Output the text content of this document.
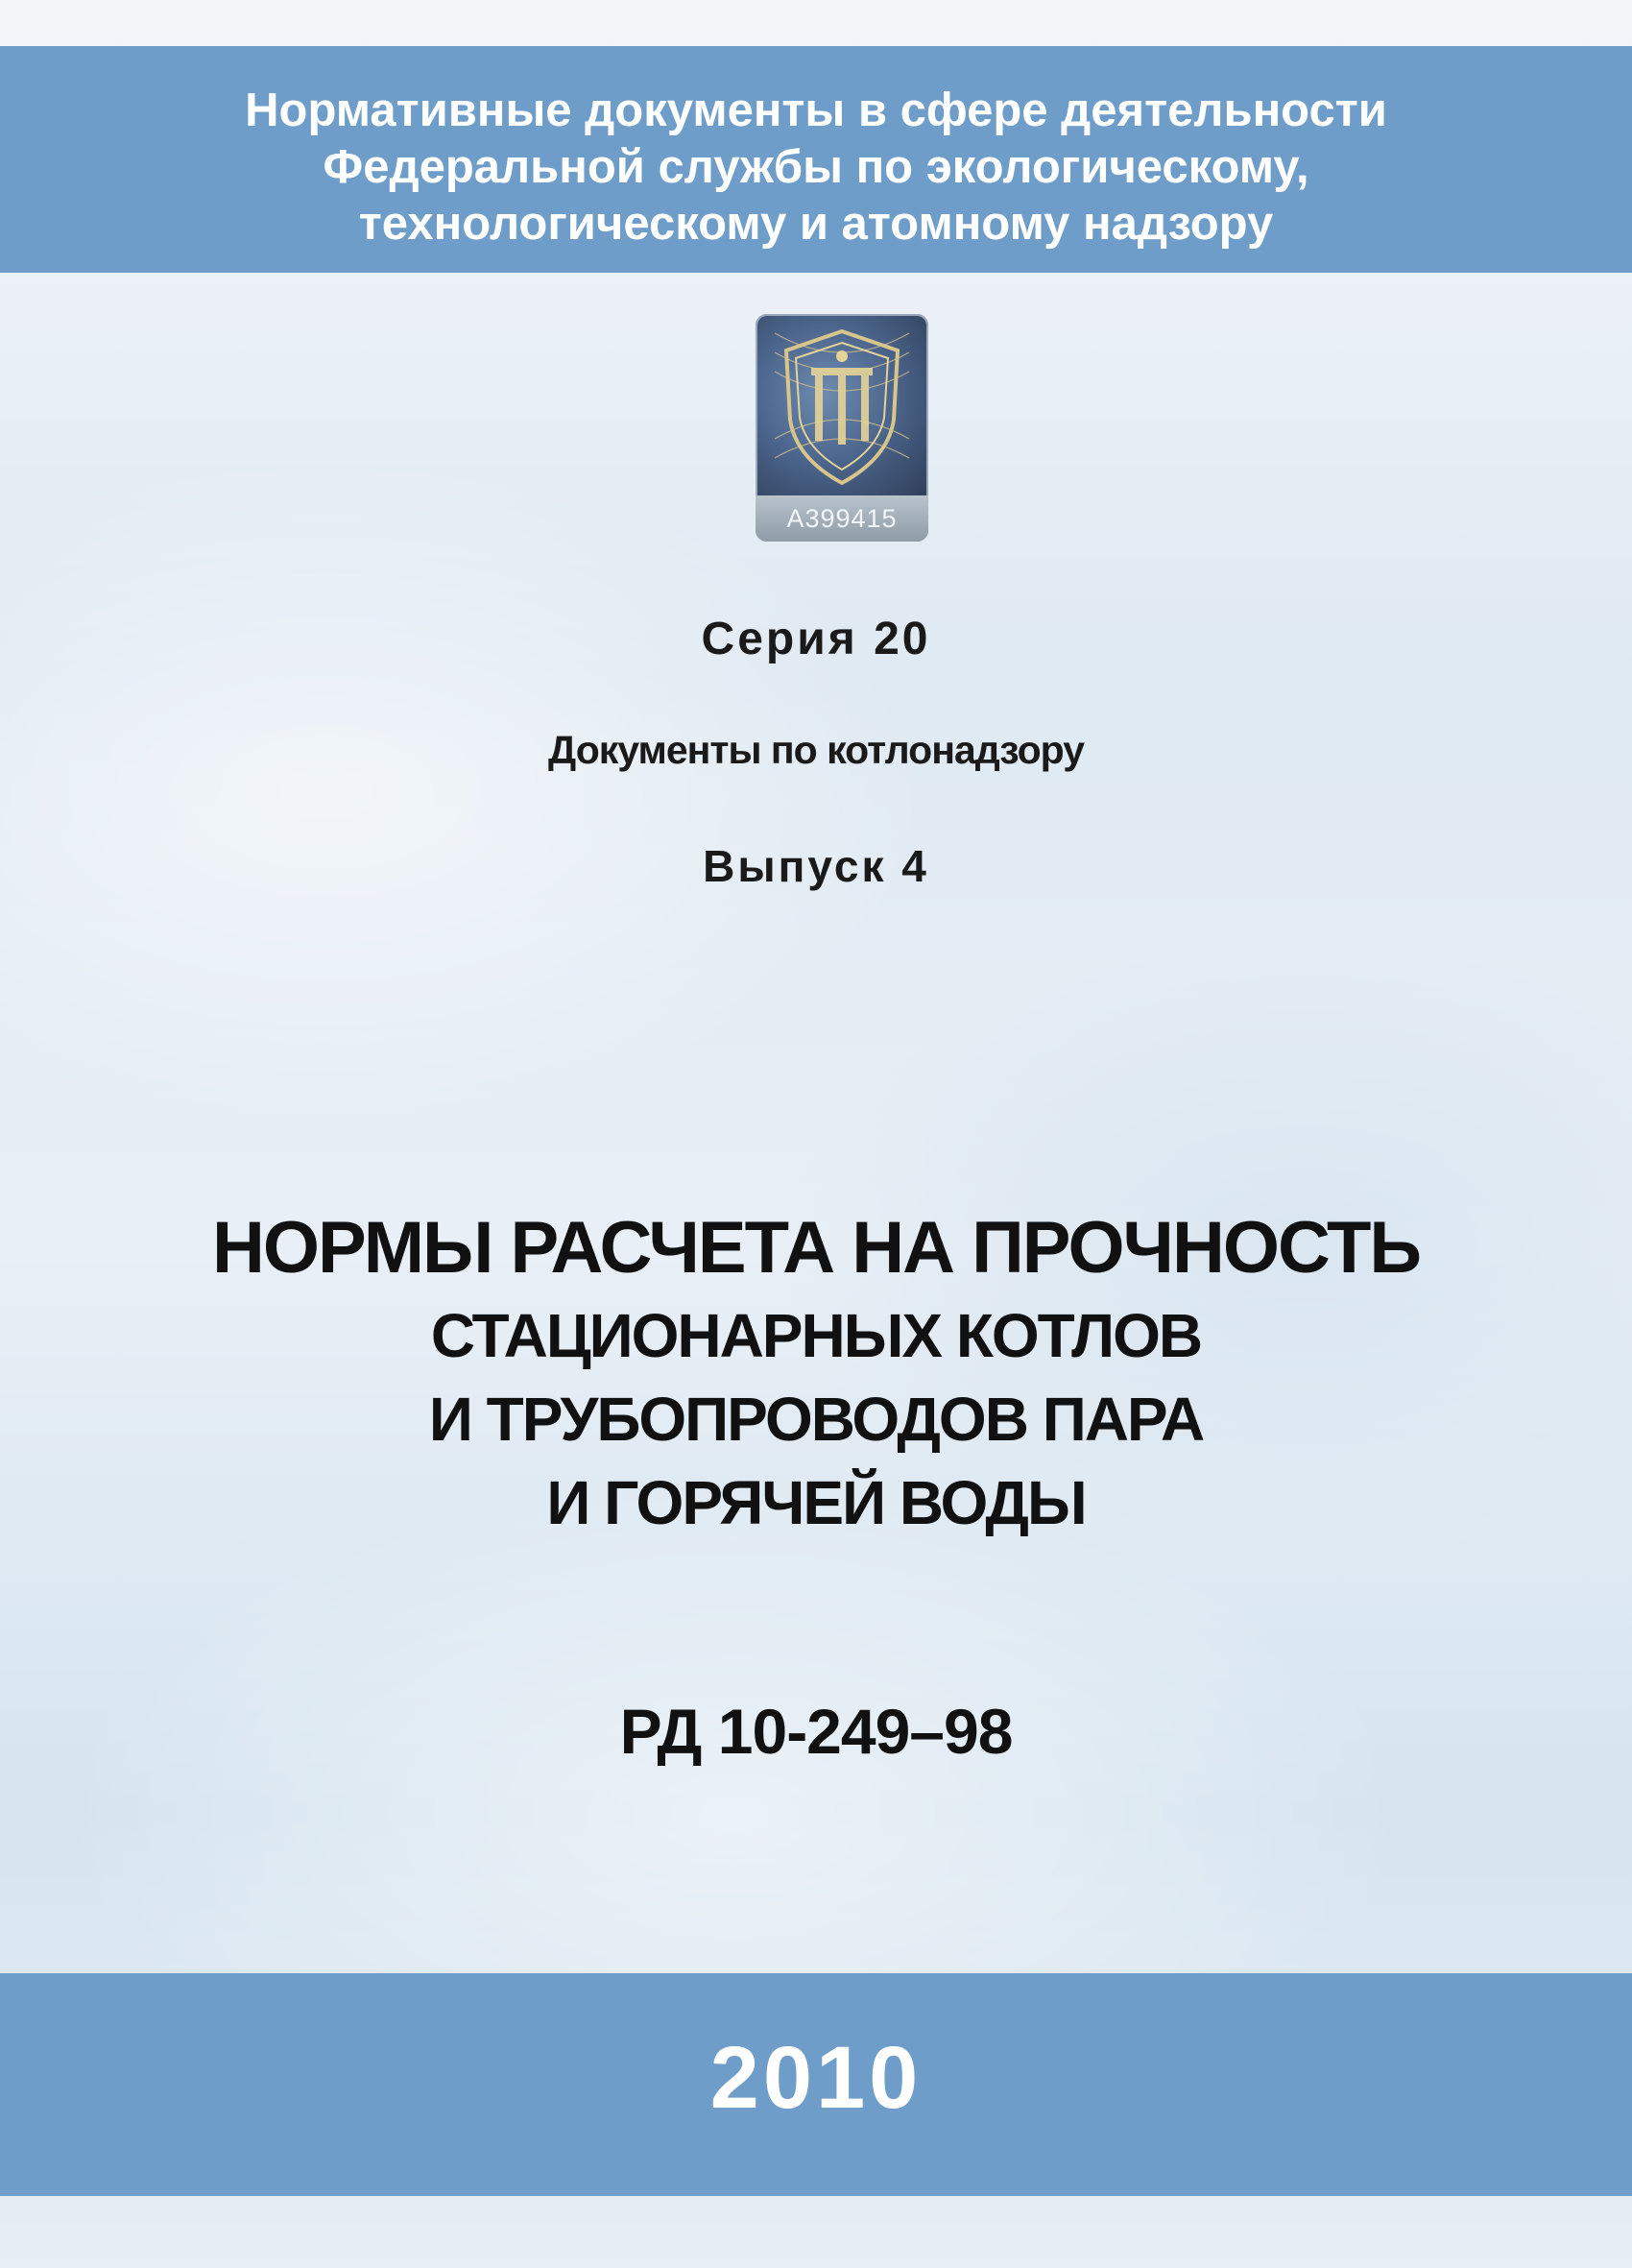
Нормативные документы в сфере деятельности
Федеральной службы по экологическому,
технологическому и атомному надзору
А399415
Серия 20
Документы по котлонадзору
Выпуск 4
НОРМЫ РАСЧЕТА НА ПРОЧНОСТЬ
СТАЦИОНАРНЫХ КОТЛОВ
И ТРУБОПРОВОДОВ ПАРА
И ГОРЯЧЕЙ ВОДЫ
РД 10-249–98
2010
